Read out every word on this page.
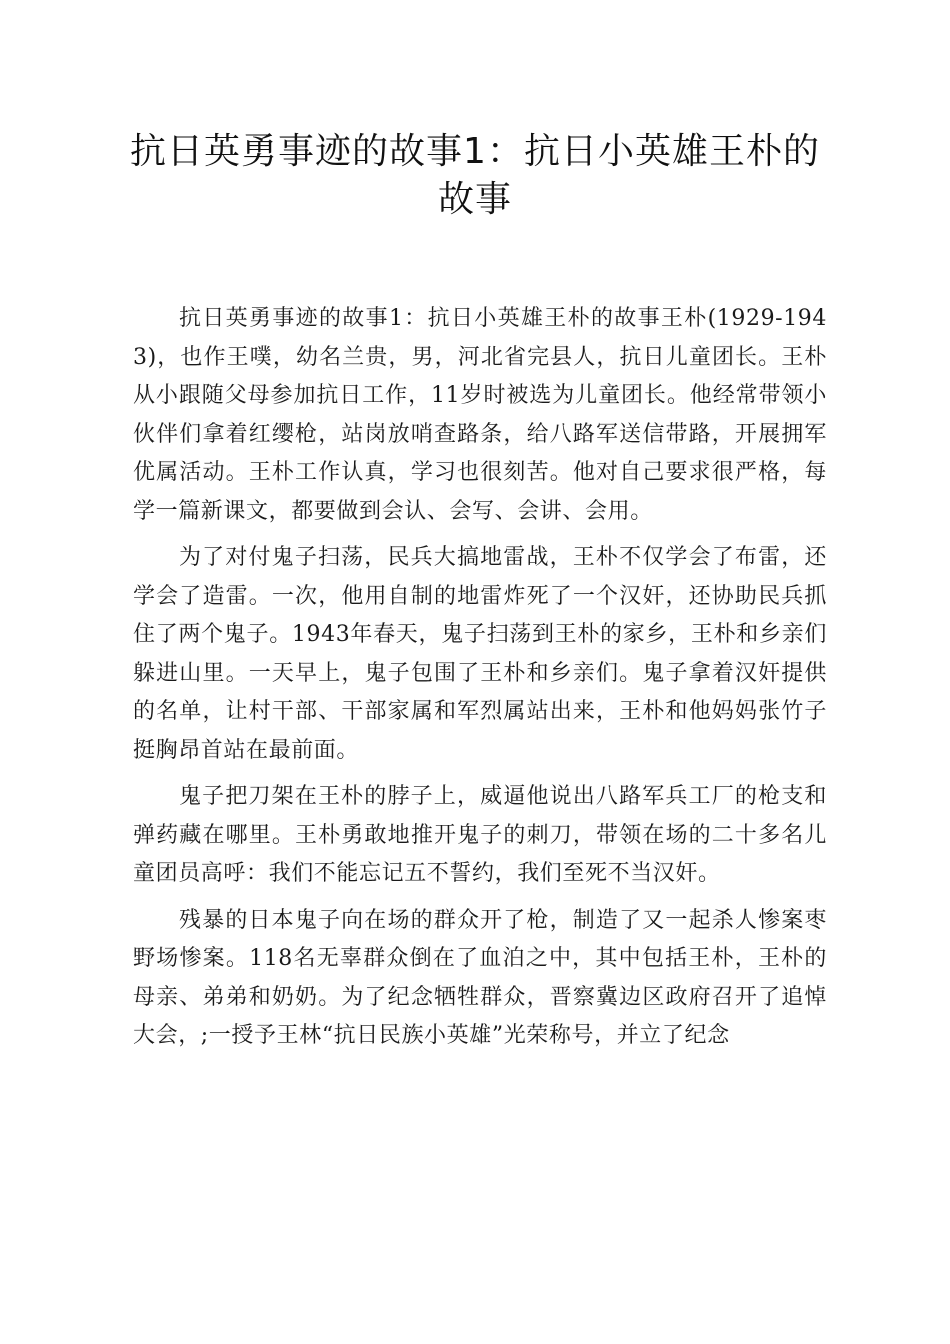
抗日英勇事迹的故事1：抗日小英雄王朴的故事

抗日英勇事迹的故事1：抗日小英雄王朴的故事王朴(1929-1943)，也作王噗，幼名兰贵，男，河北省完县人，抗日儿童团长。王朴从小跟随父母参加抗日工作，11岁时被选为儿童团长。他经常带领小伙伴们拿着红缨枪，站岗放哨查路条，给八路军送信带路，开展拥军优属活动。王朴工作认真，学习也很刻苦。他对自己要求很严格，每学一篇新课文，都要做到会认、会写、会讲、会用。

为了对付鬼子扫荡，民兵大搞地雷战，王朴不仅学会了布雷，还学会了造雷。一次，他用自制的地雷炸死了一个汉奸，还协助民兵抓住了两个鬼子。1943年春天，鬼子扫荡到王朴的家乡，王朴和乡亲们躲进山里。一天早上，鬼子包围了王朴和乡亲们。鬼子拿着汉奸提供的名单，让村干部、干部家属和军烈属站出来，王朴和他妈妈张竹子挺胸昂首站在最前面。

鬼子把刀架在王朴的脖子上，威逼他说出八路军兵工厂的枪支和弹药藏在哪里。王朴勇敢地推开鬼子的刺刀，带领在场的二十多名儿童团员高呼：我们不能忘记五不誓约，我们至死不当汉奸。

残暴的日本鬼子向在场的群众开了枪，制造了又一起杀人惨案枣野场惨案。118名无辜群众倒在了血泊之中，其中包括王朴，王朴的母亲、弟弟和奶奶。为了纪念牺牲群众，晋察冀边区政府召开了追悼大会，;一授予王林“抗日民族小英雄”光荣称号，并立了纪念
